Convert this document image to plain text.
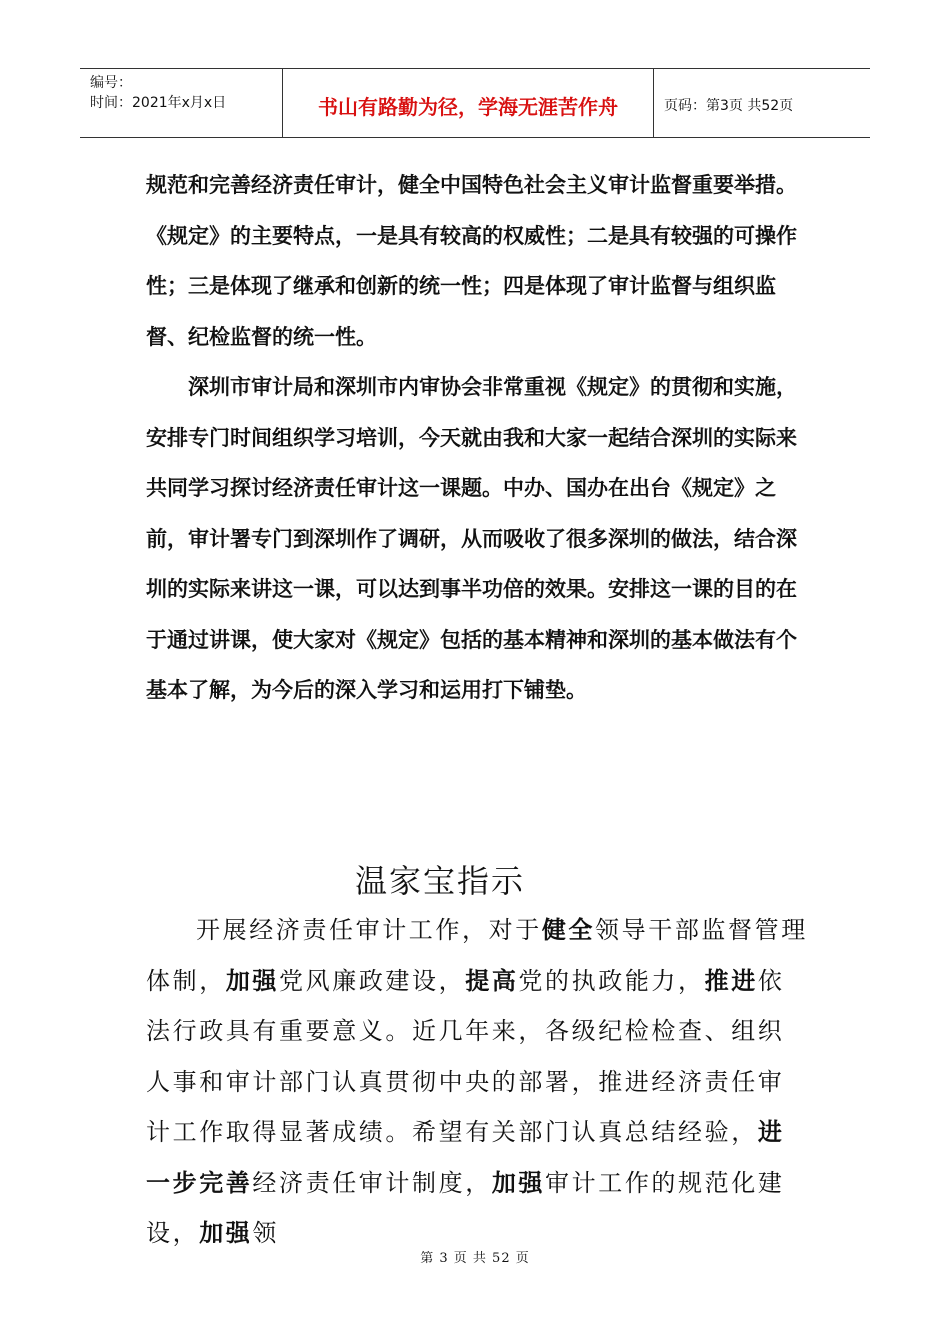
编号：
时间：2021年x月x日	书山有路勤为径，学海无涯苦作舟	页码：第3页 共52页

规范和完善经济责任审计，健全中国特色社会主义审计监督重要举措。《规定》的主要特点，一是具有较高的权威性；二是具有较强的可操作性；三是体现了继承和创新的统一性；四是体现了审计监督与组织监督、纪检监督的统一性。

深圳市审计局和深圳市内审协会非常重视《规定》的贯彻和实施，安排专门时间组织学习培训，今天就由我和大家一起结合深圳的实际来共同学习探讨经济责任审计这一课题。中办、国办在出台《规定》之前，审计署专门到深圳作了调研，从而吸收了很多深圳的做法，结合深圳的实际来讲这一课，可以达到事半功倍的效果。安排这一课的目的在于通过讲课，使大家对《规定》包括的基本精神和深圳的基本做法有个基本了解，为今后的深入学习和运用打下铺垫。

温家宝指示

开展经济责任审计工作，对于健全领导干部监督管理体制，加强党风廉政建设，提高党的执政能力，推进依法行政具有重要意义。近几年来，各级纪检检查、组织人事和审计部门认真贯彻中央的部署，推进经济责任审计工作取得显著成绩。希望有关部门认真总结经验，进一步完善经济责任审计制度，加强审计工作的规范化建设，加强领

第 3 页 共 52 页
